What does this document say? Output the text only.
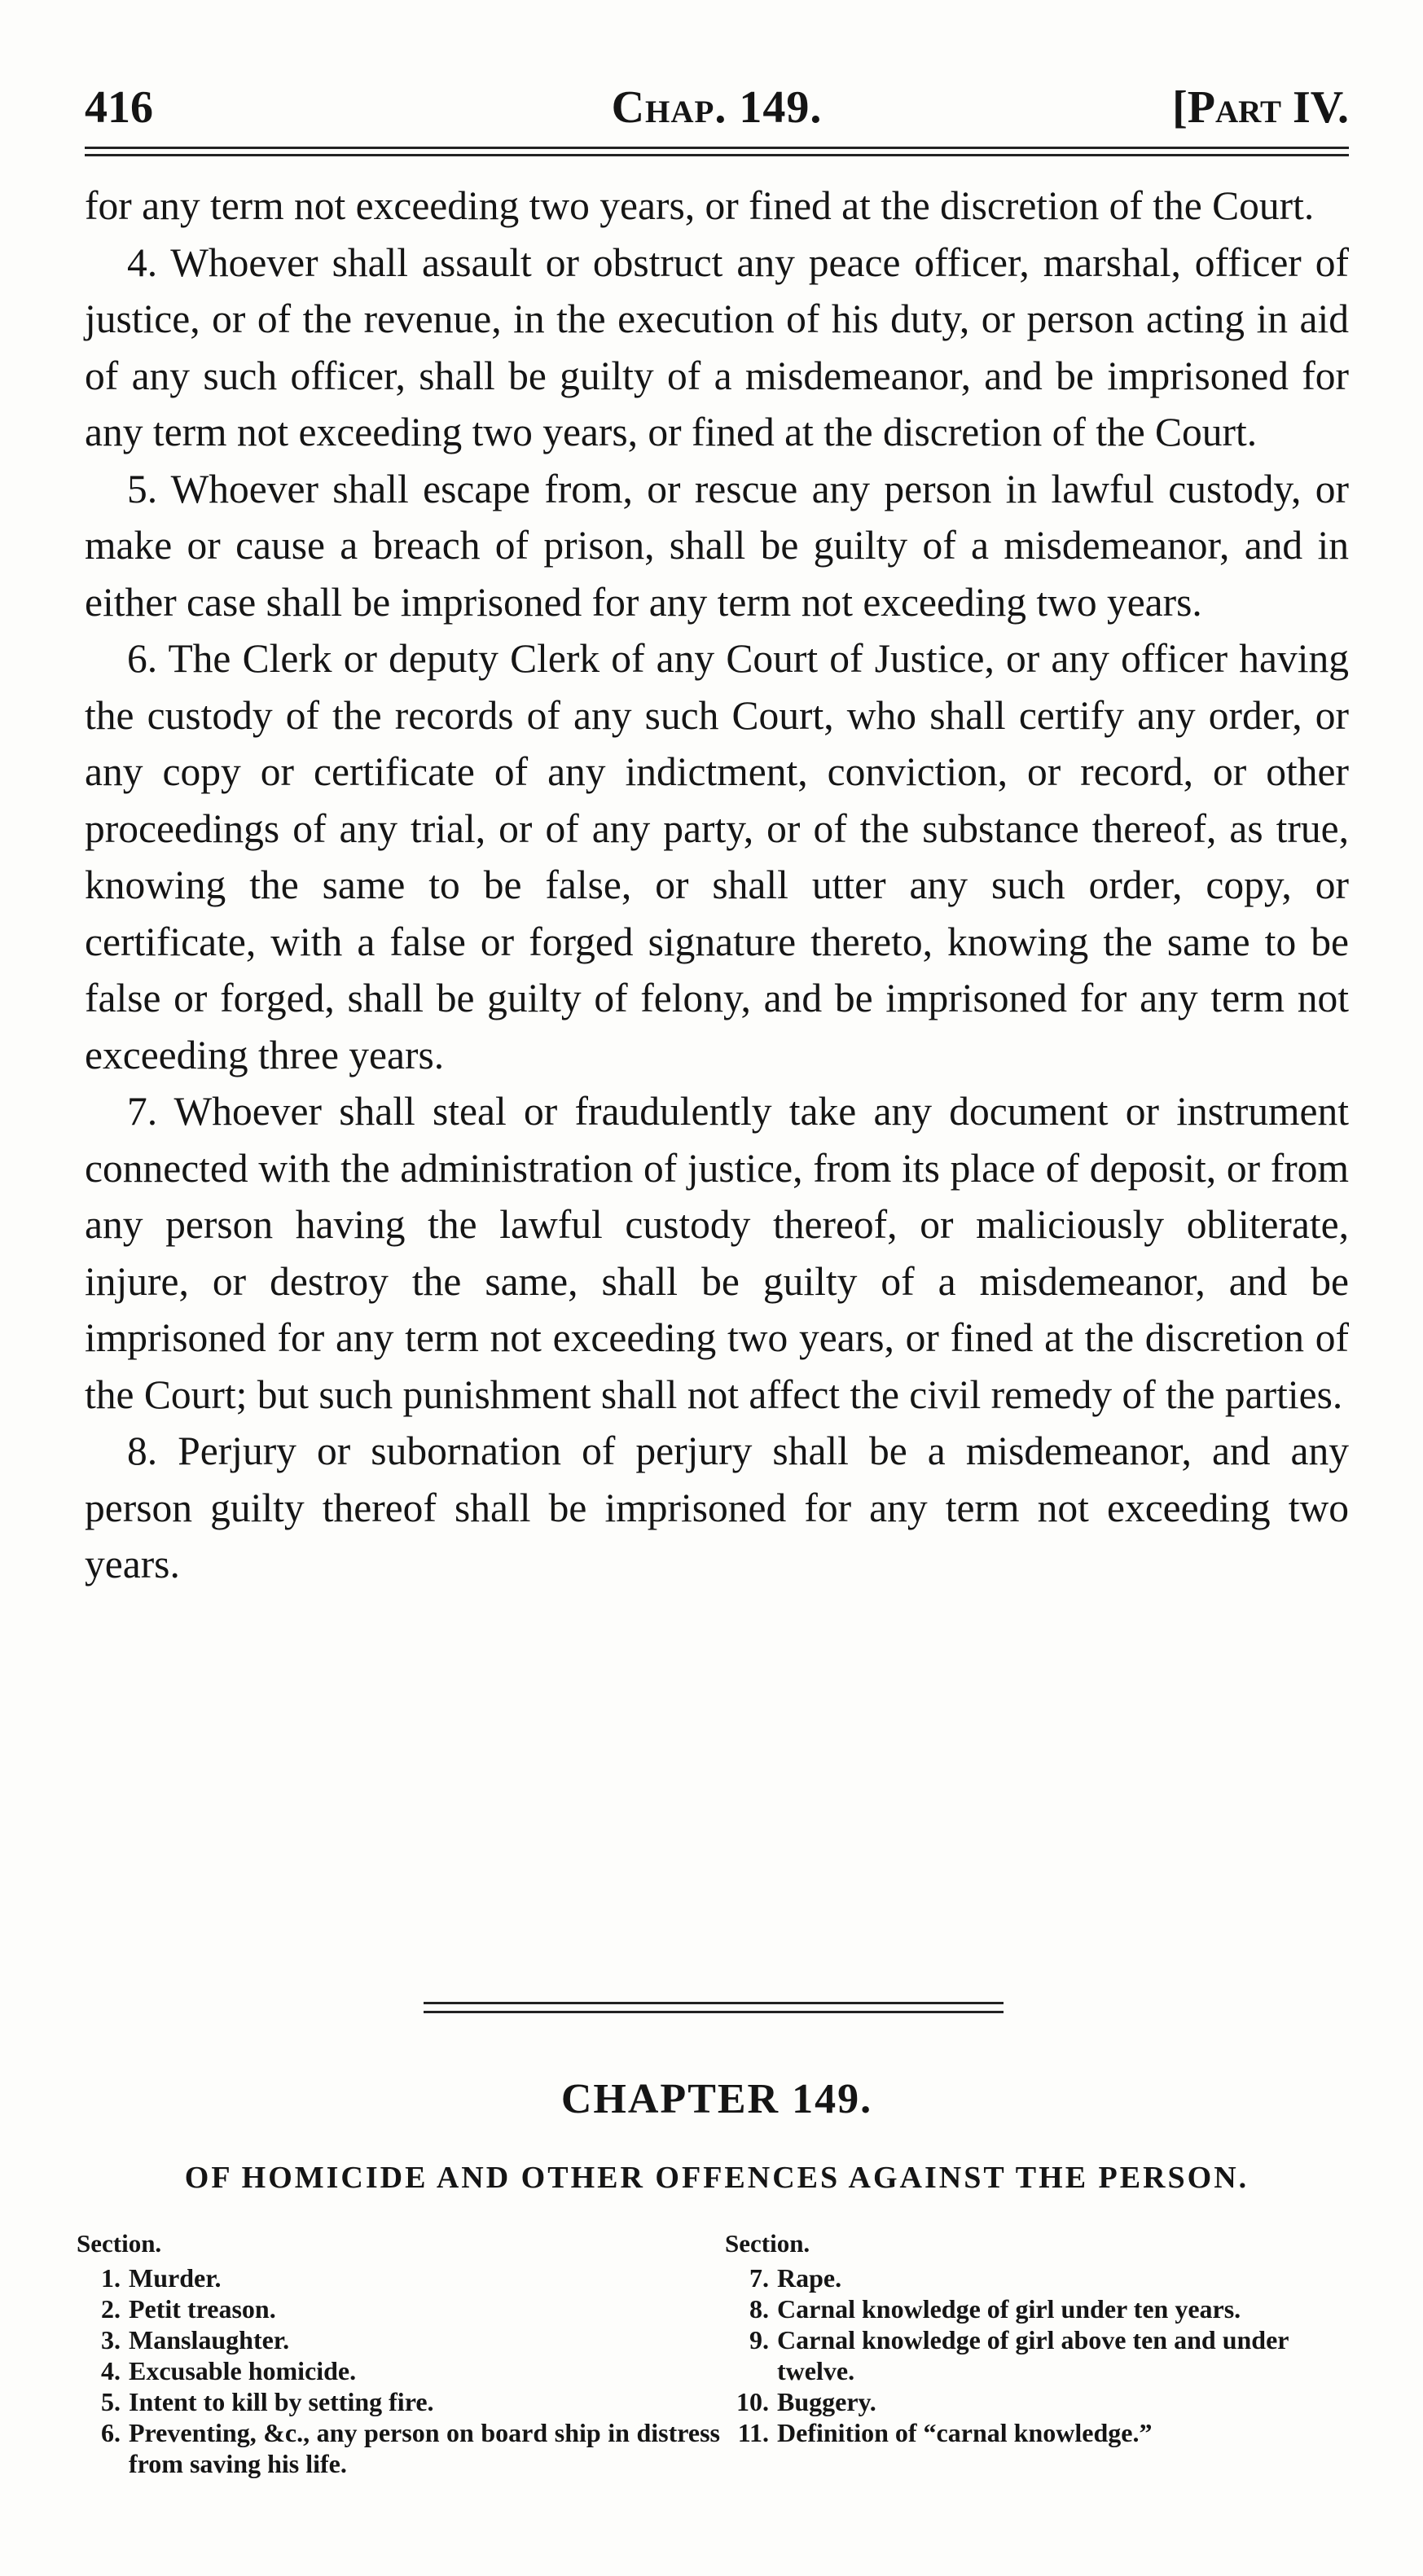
416	Chap. 149.	[Part IV.

for any term not exceeding two years, or fined at the discretion of the Court.

4. Whoever shall assault or obstruct any peace officer, marshal, officer of justice, or of the revenue, in the execution of his duty, or person acting in aid of any such officer, shall be guilty of a misdemeanor, and be imprisoned for any term not exceeding two years, or fined at the discretion of the Court.

5. Whoever shall escape from, or rescue any person in lawful custody, or make or cause a breach of prison, shall be guilty of a misdemeanor, and in either case shall be imprisoned for any term not exceeding two years.

6. The Clerk or deputy Clerk of any Court of Justice, or any officer having the custody of the records of any such Court, who shall certify any order, or any copy or certificate of any indictment, conviction, or record, or other proceedings of any trial, or of any party, or of the substance thereof, as true, knowing the same to be false, or shall utter any such order, copy, or certificate, with a false or forged signature thereto, knowing the same to be false or forged, shall be guilty of felony, and be imprisoned for any term not exceeding three years.

7. Whoever shall steal or fraudulently take any document or instrument connected with the administration of justice, from its place of deposit, or from any person having the lawful custody thereof, or maliciously obliterate, injure, or destroy the same, shall be guilty of a misdemeanor, and be imprisoned for any term not exceeding two years, or fined at the discretion of the Court; but such punishment shall not affect the civil remedy of the parties.

8. Perjury or subornation of perjury shall be a misdemeanor, and any person guilty thereof shall be imprisoned for any term not exceeding two years.

CHAPTER 149.
OF HOMICIDE AND OTHER OFFENCES AGAINST THE PERSON.
Section.
1. Murder.
2. Petit treason.
3. Manslaughter.
4. Excusable homicide.
5. Intent to kill by setting fire.
6. Preventing, &c., any person on board ship in distress from saving his life.
Section.
7. Rape.
8. Carnal knowledge of girl under ten years.
9. Carnal knowledge of girl above ten and under twelve.
10. Buggery.
11. Definition of “carnal knowledge.”
